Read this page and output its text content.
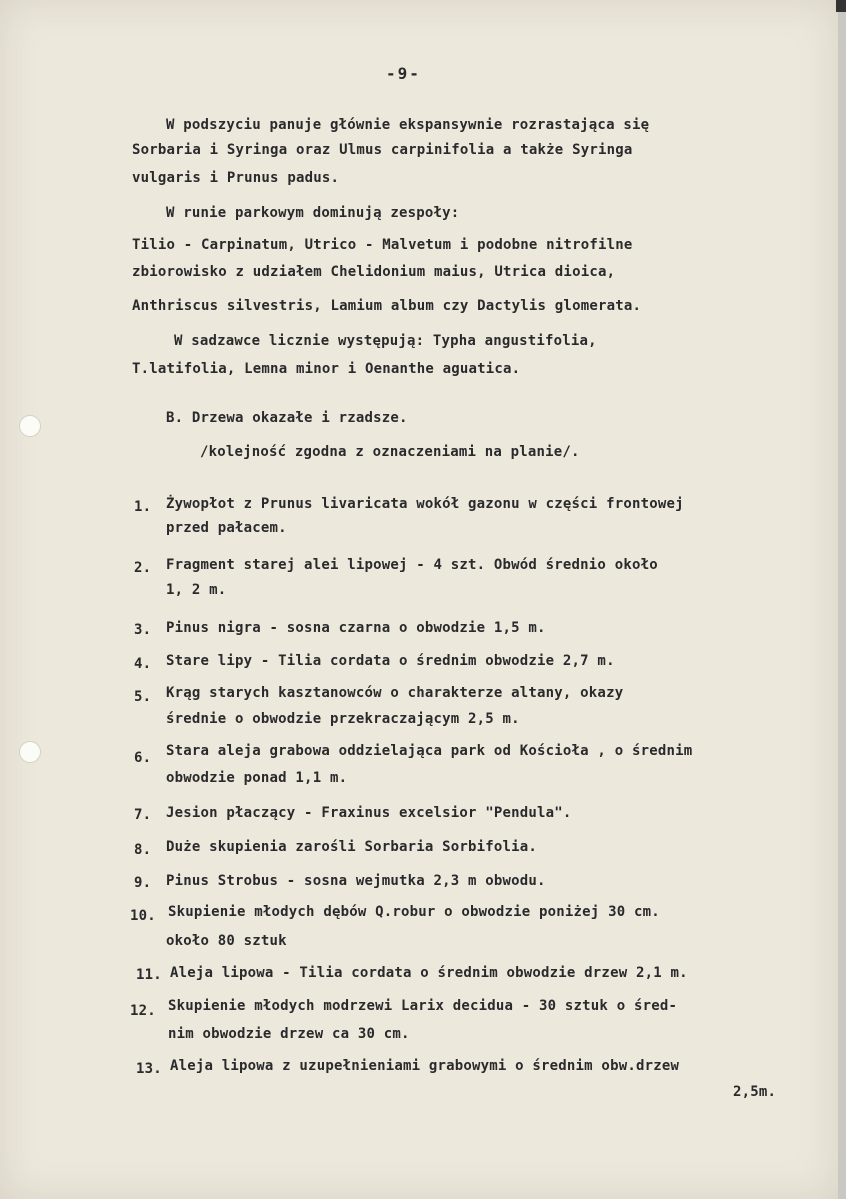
-9-
W podszyciu panuje głównie ekspansywnie rozrastająca się
Sorbaria i Syringa oraz Ulmus carpinifolia a także Syringa
vulgaris i Prunus padus.
W runie parkowym dominują zespoły:
Tilio - Carpinatum, Utrico - Malvetum i podobne nitrofilne
zbiorowisko z udziałem Chelidonium maius, Utrica dioica,
Anthriscus silvestris, Lamium album czy Dactylis glomerata.
W sadzawce licznie występują: Typha angustifolia,
T.latifolia, Lemna minor i Oenanthe aguatica.
B. Drzewa okazałe i rzadsze.
/kolejność zgodna z oznaczeniami na planie/.
1. Żywopłot z Prunus livaricata wokół gazonu w części frontowej
przed pałacem.
2. Fragment starej alei lipowej - 4 szt. Obwód średnio około
1, 2 m.
3. Pinus nigra - sosna czarna o obwodzie 1,5 m.
4. Stare lipy - Tilia cordata o średnim obwodzie 2,7 m.
5. Krąg starych kasztanowców o charakterze altany, okazy
średnie o obwodzie przekraczającym 2,5 m.
6. Stara aleja grabowa oddzielająca park od Kościoła , o średnim
obwodzie ponad 1,1 m.
7. Jesion płaczący - Fraxinus excelsior "Pendula".
8. Duże skupienia zarośli Sorbaria Sorbifolia.
9. Pinus Strobus - sosna wejmutka 2,3 m obwodu.
10. Skupienie młodych dębów Q.robur o obwodzie poniżej 30 cm.
około 80 sztuk
11. Aleja lipowa - Tilia cordata o średnim obwodzie drzew 2,1 m.
12. Skupienie młodych modrzewi Larix decidua - 30 sztuk o śred-
nim obwodzie drzew ca 30 cm.
13. Aleja lipowa z uzupełnieniami grabowymi o średnim obw.drzew
2,5m.
